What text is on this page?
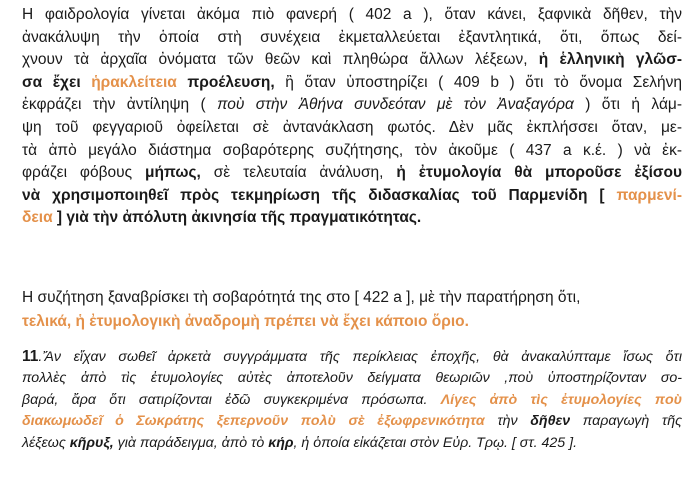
Η φαιδρολογία γίνεται ἀκόμα πιὸ φανερή ( 402 a ), ὅταν κάνει, ξαφνικὰ δῆθεν, τὴν
ἀνακάλυψη τὴν ὁποία στὴ συνέχεια ἐκμεταλλεύεται ἐξαντλητικά, ὅτι, ὅπως δεί-
χνουν τὰ ἀρχαῖα ὀνόματα τῶν θεῶν καὶ πληθώρα ἄλλων λέξεων, ἡ ἑλληνικὴ γλῶσ-
σα ἔχει ἡρακλείτεια προέλευση, ἢ ὅταν ὑποστηρίζει ( 409 b ) ὅτι τὸ ὄνομα Σελήνη
ἐκφράζει τὴν ἀντίληψη ( ποὺ στὴν Ἀθήνα συνδεόταν μὲ τὸν Ἀναξαγόρα ) ὅτι ἡ λάμ-
ψη τοῦ φεγγαριοῦ ὀφείλεται σὲ ἀντανάκλαση φωτός. Δὲν μᾶς ἐκπλήσσει ὅταν, με-
τὰ ἀπὸ μεγάλο διάστημα σοβαρότερης συζήτησης, τὸν ἀκοῦμε ( 437 a κ.έ. ) νὰ ἐκ-
φράζει φόβους μήπως, σὲ τελευταία ἀνάλυση, ἡ ἐτυμολογία θὰ μποροῦσε ἐξίσου
νὰ χρησιμοποιηθεῖ πρὸς τεκμηρίωση τῆς διδασκαλίας τοῦ Παρμενίδη [ παρμενί-
δεια ] γιὰ τὴν ἀπόλυτη ἀκινησία τῆς πραγματικότητας.

Η συζήτηση ξαναβρίσκει τὴ σοβαρότητά της στο [ 422 a ], μὲ τὴν παρατήρηση ὅτι,
τελικά, ἡ ἐτυμολογικὴ ἀναδρομὴ πρέπει νὰ ἔχει κάποιο ὅριο.

11.Ἄν εἴχαν σωθεῖ ἀρκετὰ συγγράμματα τῆς περίκλειας ἐποχῆς, θὰ ἀνακαλύπταμε ἴσως ὅτι
πολλὲς ἀπὸ τὶς ἐτυμολογίες αὐτὲς ἀποτελοῦν δείγματα θεωριῶν ,ποὺ ὑποστηρίζονταν σο-
βαρά, ἄρα ὅτι σατιρίζονται ἐδῶ συγκεκριμένα πρόσωπα. Λίγες ἀπὸ τὶς ἐτυμολογίες ποὺ
διακωμωδεῖ ὁ Σωκράτης ξεπερνοῦν πολὺ σὲ ἐξωφρενικότητα τὴν δῆθεν παραγωγὴ τῆς
λέξεως κῆρυξ, γιὰ παράδειγμα, ἀπὸ τὸ κήρ, ἡ ὁποία εἰκάζεται στὸν Εὐρ. Τρῳ. [ στ. 425 ].
